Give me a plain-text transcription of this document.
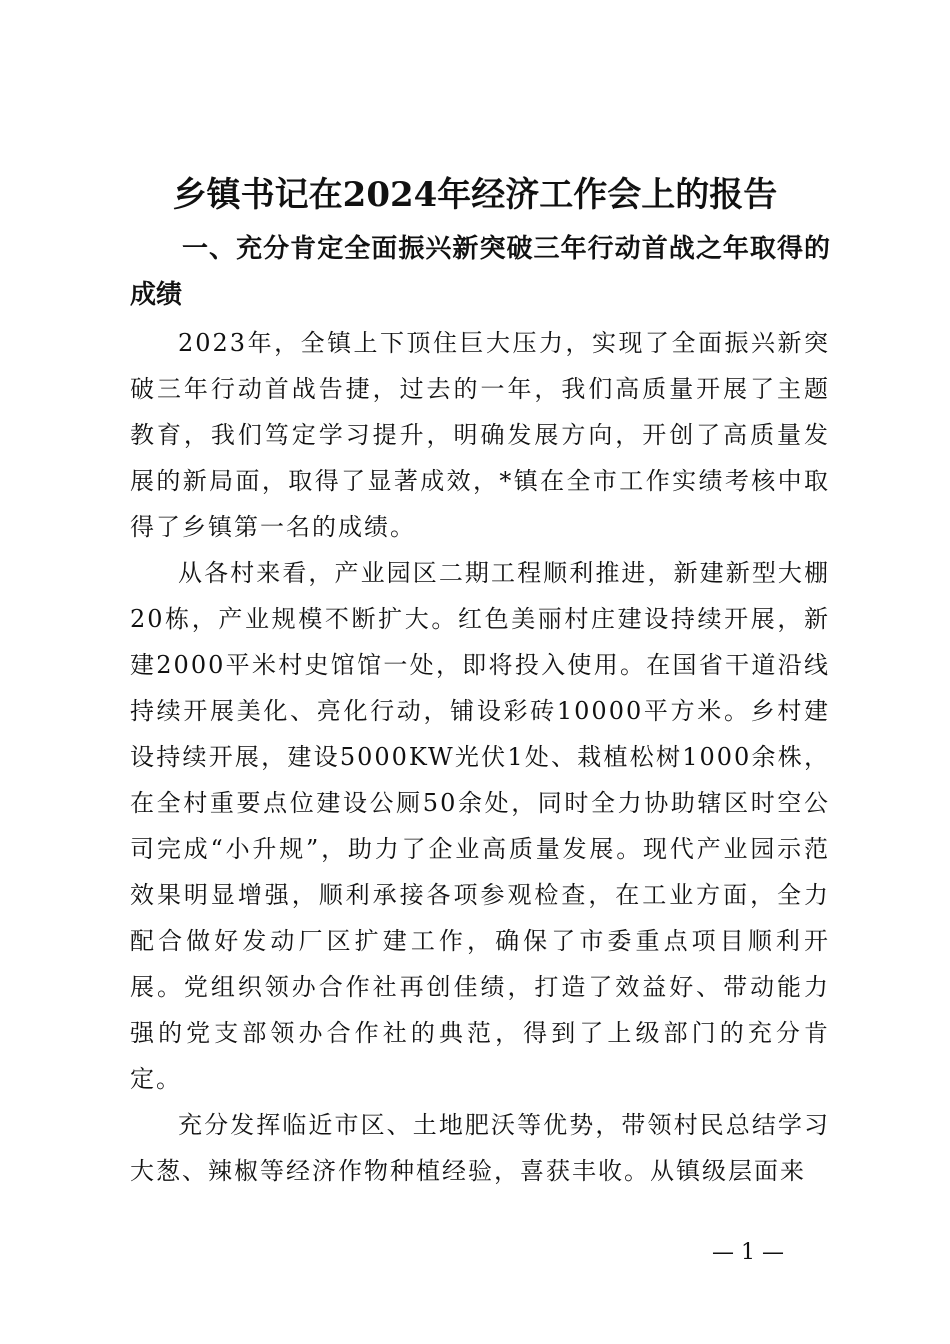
乡镇书记在2024年经济工作会上的报告
一、充分肯定全面振兴新突破三年行动首战之年取得的成绩

2023年，全镇上下顶住巨大压力，实现了全面振兴新突破三年行动首战告捷，过去的一年，我们高质量开展了主题教育，我们笃定学习提升，明确发展方向，开创了高质量发展的新局面，取得了显著成效，*镇在全市工作实绩考核中取得了乡镇第一名的成绩。

从各村来看，产业园区二期工程顺利推进，新建新型大棚20栋，产业规模不断扩大。红色美丽村庄建设持续开展，新建2000平米村史馆馆一处，即将投入使用。在国省干道沿线持续开展美化、亮化行动，铺设彩砖10000平方米。乡村建设持续开展，建设5000KW光伏1处、栽植松树1000余株，在全村重要点位建设公厕50余处，同时全力协助辖区时空公司完成“小升规”，助力了企业高质量发展。现代产业园示范效果明显增强，顺利承接各项参观检查，在工业方面，全力配合做好发动厂区扩建工作，确保了市委重点项目顺利开展。党组织领办合作社再创佳绩，打造了效益好、带动能力强的党支部领办合作社的典范，得到了上级部门的充分肯定。

充分发挥临近市区、土地肥沃等优势，带领村民总结学习大葱、辣椒等经济作物种植经验，喜获丰收。从镇级层面来

— 1 —
